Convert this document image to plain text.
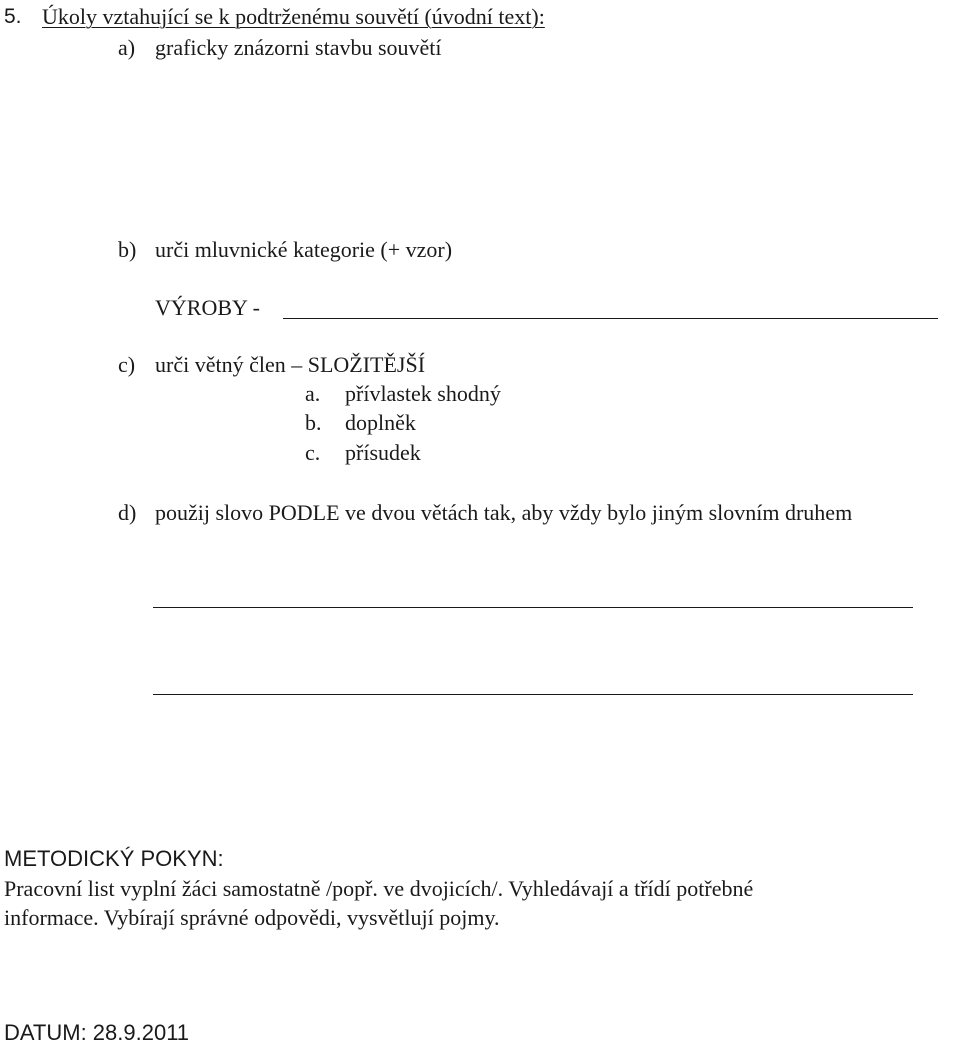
5. Úkoly vztahující se k podtrženému souvětí (úvodní text):
a) graficky znázorni stavbu souvětí
b) urči mluvnické kategorie (+ vzor)
VÝROBY -
c) urči větný člen – SLOŽITĚJŠÍ
a. přívlastek shodný
b. doplněk
c. přísudek
d) použij slovo PODLE ve dvou větách tak, aby vždy bylo jiným slovním druhem
METODICKÝ POKYN:
Pracovní list vyplní žáci samostatně /popř. ve dvojicích/. Vyhledávají a třídí potřebné
informace. Vybírají správné odpovědi, vysvětlují pojmy.
DATUM: 28.9.2011
